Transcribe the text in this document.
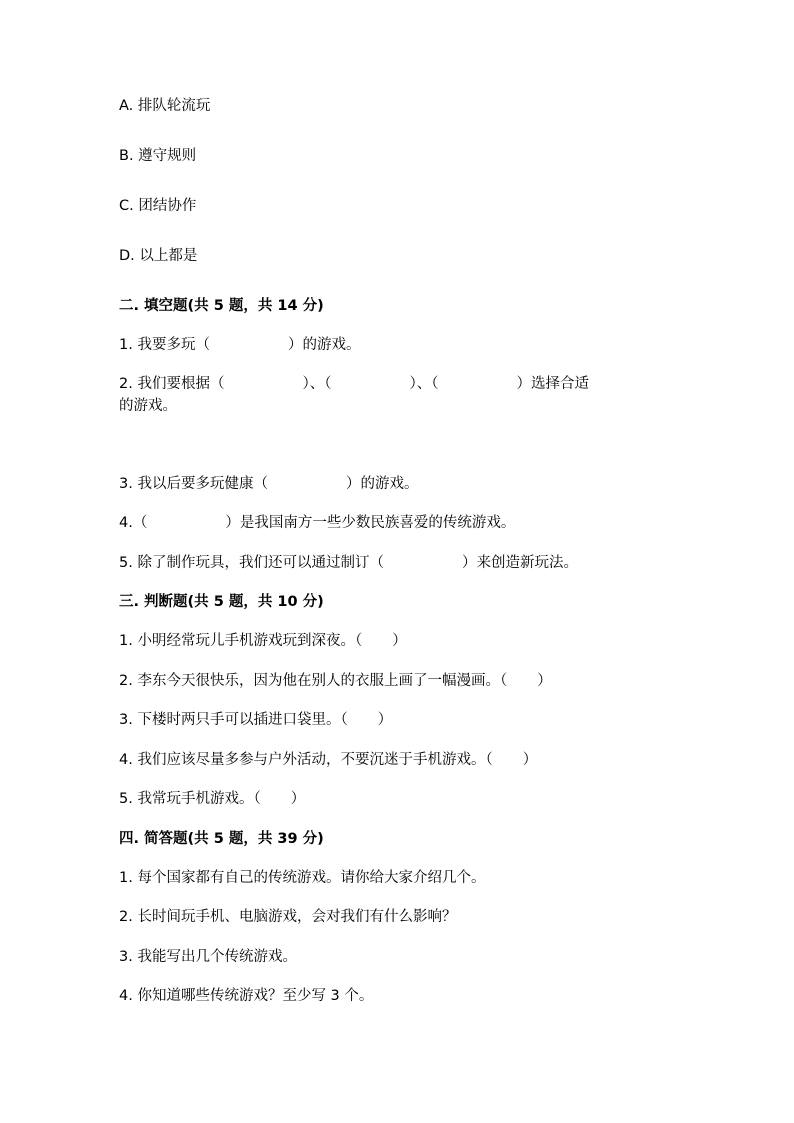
A. 排队轮流玩
B. 遵守规则
C. 团结协作
D. 以上都是
二. 填空题(共 5 题，共 14 分)
1. 我要多玩（	）的游戏。
2. 我们要根据（	）、（	）、（	）选择合适
的游戏。
3. 我以后要多玩健康（	）的游戏。
4.（	）是我国南方一些少数民族喜爱的传统游戏。
5. 除了制作玩具，我们还可以通过制订（	）来创造新玩法。
三. 判断题(共 5 题，共 10 分)
1. 小明经常玩儿手机游戏玩到深夜。（ ）
2. 李东今天很快乐，因为他在别人的衣服上画了一幅漫画。（ ）
3. 下楼时两只手可以插进口袋里。（ ）
4. 我们应该尽量多参与户外活动，不要沉迷于手机游戏。（ ）
5. 我常玩手机游戏。（ ）
四. 简答题(共 5 题，共 39 分)
1. 每个国家都有自己的传统游戏。请你给大家介绍几个。
2. 长时间玩手机、电脑游戏，会对我们有什么影响？
3. 我能写出几个传统游戏。
4. 你知道哪些传统游戏？至少写 3 个。
